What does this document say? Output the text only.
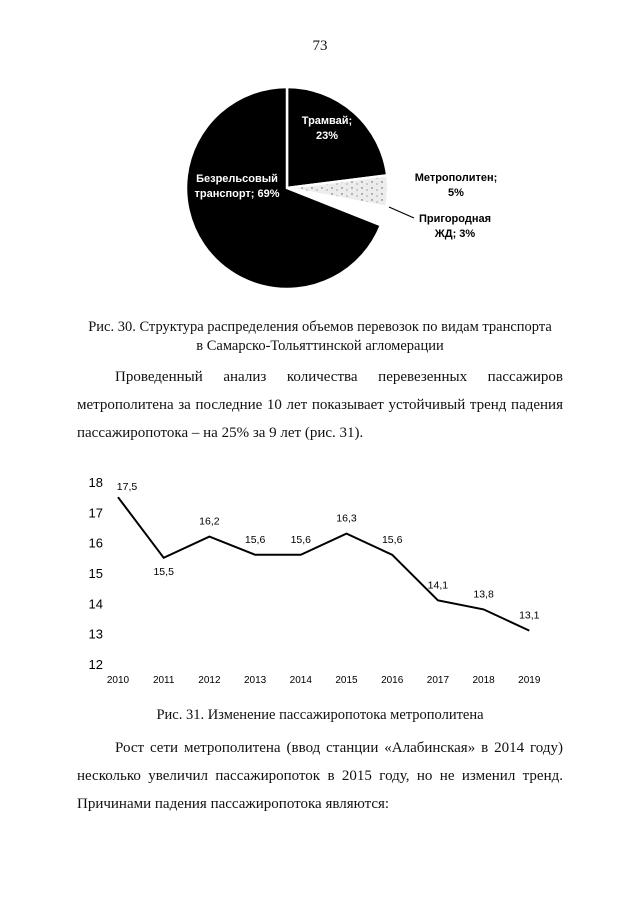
73
Трамвай;
23%
Метрополитен;
5%
Пригородная
ЖД; 3%
Безрельсовый
транспорт; 69%
Рис. 30. Структура распределения объемов перевозок по видам транспорта
в Самарско-Тольяттинской агломерации
Проведенный анализ количества перевезенных пассажиров
метрополитена за последние 10 лет показывает устойчивый тренд падения
пассажиропотока – на 25% за 9 лет (рис. 31).
12
13
14
15
16
17
18
2010 2011 2012 2013 2014 2015 2016 2017 2018 2019
17,5
15,5
16,2
15,6 15,6
16,3
15,6
14,1
13,8
13,1
Рис. 31. Изменение пассажиропотока метрополитена
Рост сети метрополитена (ввод станции «Алабинская» в 2014 году)
несколько увеличил пассажиропоток в 2015 году, но не изменил тренд.
Причинами падения пассажиропотока являются:
